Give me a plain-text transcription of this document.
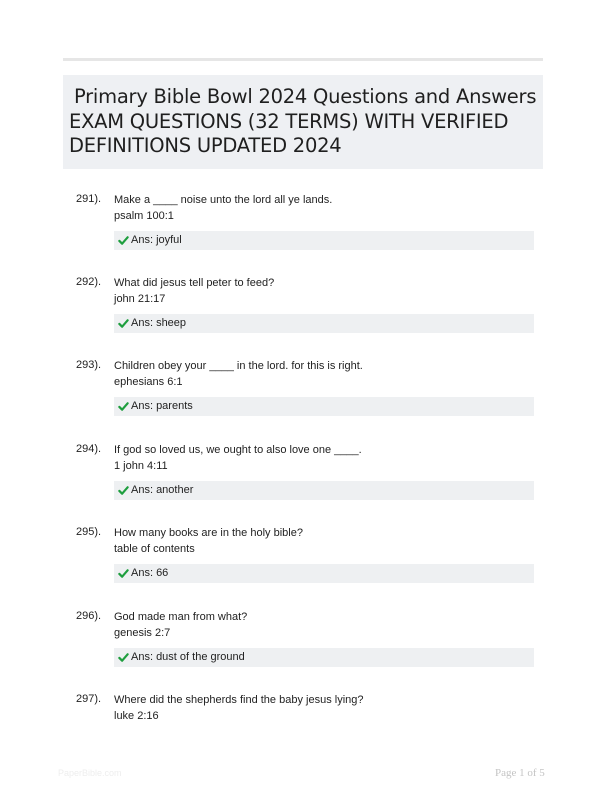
Primary Bible Bowl 2024 Questions and Answers
EXAM QUESTIONS (32 TERMS) WITH VERIFIED
DEFINITIONS UPDATED 2024
291). Make a ____ noise unto the lord all ye lands.
psalm 100:1
Ans: joyful
292). What did jesus tell peter to feed?
john 21:17
Ans: sheep
293). Children obey your ____ in the lord. for this is right.
ephesians 6:1
Ans: parents
294). If god so loved us, we ought to also love one ____.
1 john 4:11
Ans: another
295). How many books are in the holy bible?
table of contents
Ans: 66
296). God made man from what?
genesis 2:7
Ans: dust of the ground
297). Where did the shepherds find the baby jesus lying?
luke 2:16
PaperBible.com	Page 1 of 5
